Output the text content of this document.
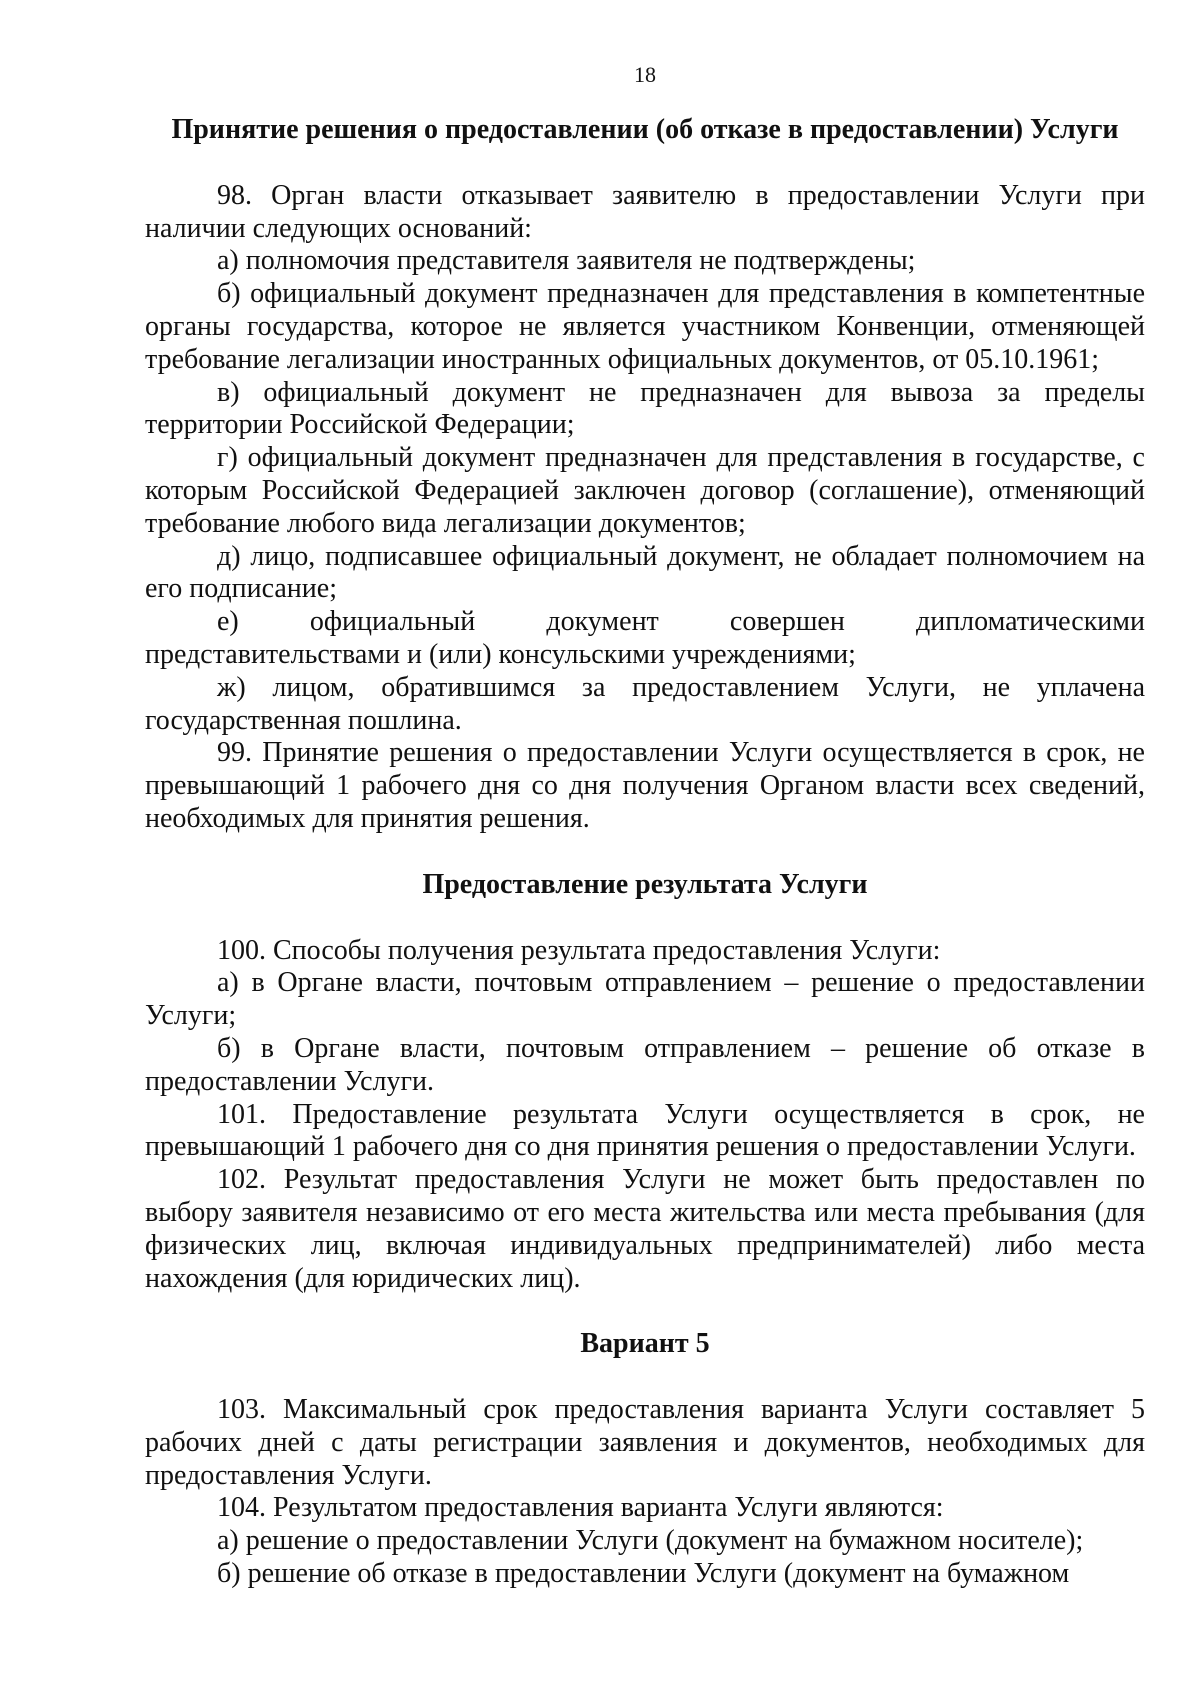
18
Принятие решения о предоставлении (об отказе в предоставлении) Услуги

98. Орган власти отказывает заявителю в предоставлении Услуги при наличии следующих оснований:

а) полномочия представителя заявителя не подтверждены;

б) официальный документ предназначен для представления в компетентные органы государства, которое не является участником Конвенции, отменяющей требование легализации иностранных официальных документов, от 05.10.1961;

в) официальный документ не предназначен для вывоза за пределы территории Российской Федерации;

г) официальный документ предназначен для представления в государстве, с которым Российской Федерацией заключен договор (соглашение), отменяющий требование любого вида легализации документов;

д) лицо, подписавшее официальный документ, не обладает полномочием на его подписание;

е) официальный документ совершен дипломатическими представительствами и (или) консульскими учреждениями;

ж) лицом, обратившимся за предоставлением Услуги, не уплачена государственная пошлина.

99. Принятие решения о предоставлении Услуги осуществляется в срок, не превышающий 1 рабочего дня со дня получения Органом власти всех сведений, необходимых для принятия решения.

Предоставление результата Услуги

100. Способы получения результата предоставления Услуги:

а) в Органе власти, почтовым отправлением – решение о предоставлении Услуги;

б) в Органе власти, почтовым отправлением – решение об отказе в предоставлении Услуги.

101. Предоставление результата Услуги осуществляется в срок, не превышающий 1 рабочего дня со дня принятия решения о предоставлении Услуги.

102. Результат предоставления Услуги не может быть предоставлен по выбору заявителя независимо от его места жительства или места пребывания (для физических лиц, включая индивидуальных предпринимателей) либо места нахождения (для юридических лиц).

Вариант 5

103. Максимальный срок предоставления варианта Услуги составляет 5 рабочих дней с даты регистрации заявления и документов, необходимых для предоставления Услуги.

104. Результатом предоставления варианта Услуги являются:

а) решение о предоставлении Услуги (документ на бумажном носителе);

б) решение об отказе в предоставлении Услуги (документ на бумажном
